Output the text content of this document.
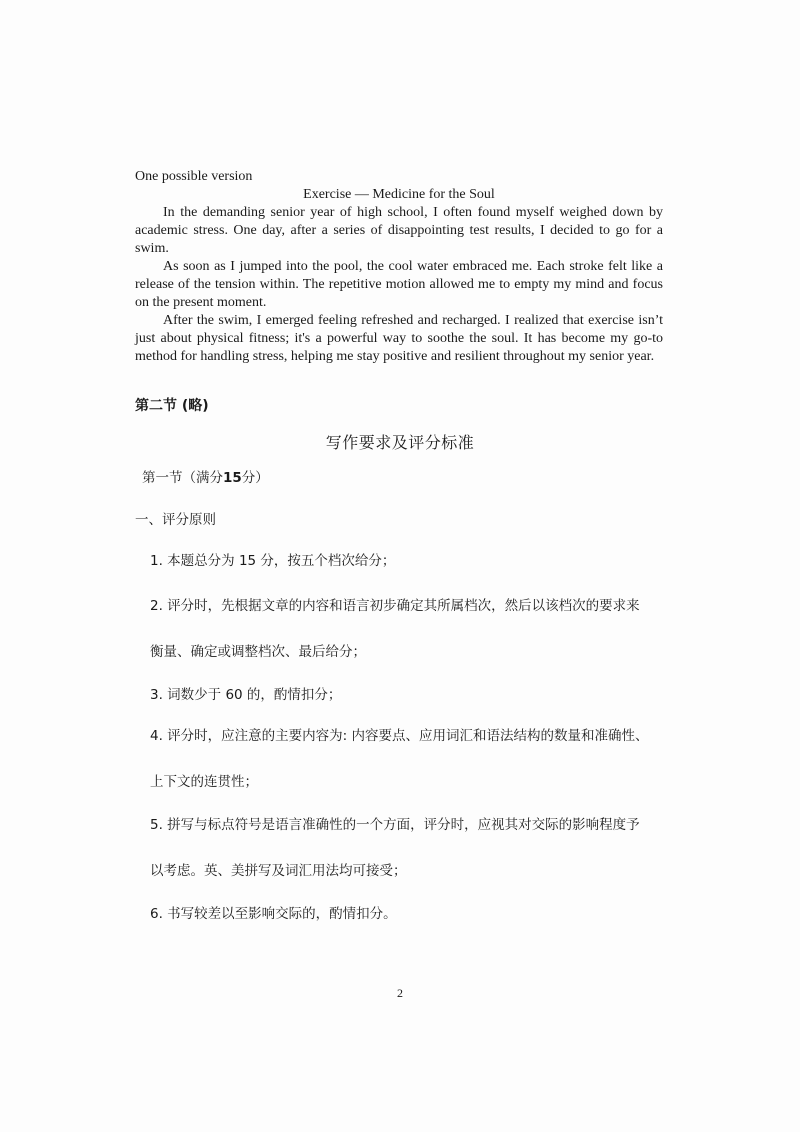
One possible version
Exercise — Medicine for the Soul

In the demanding senior year of high school, I often found myself weighed down by academic stress. One day, after a series of disappointing test results, I decided to go for a swim.

As soon as I jumped into the pool, the cool water embraced me. Each stroke felt like a release of the tension within. The repetitive motion allowed me to empty my mind and focus on the present moment.

After the swim, I emerged feeling refreshed and recharged. I realized that exercise isn’t just about physical fitness; it's a powerful way to soothe the soul. It has become my go-to method for handling stress, helping me stay positive and resilient throughout my senior year.

第二节 (略)
写作要求及评分标准
第一节（满分15分）
一、评分原则
1. 本题总分为 15 分，按五个档次给分；
2. 评分时，先根据文章的内容和语言初步确定其所属档次，然后以该档次的要求来
衡量、确定或调整档次、最后给分；
3. 词数少于 60 的，酌情扣分；
4. 评分时，应注意的主要内容为: 内容要点、应用词汇和语法结构的数量和准确性、
上下文的连贯性；
5. 拼写与标点符号是语言准确性的一个方面，评分时，应视其对交际的影响程度予
以考虑。英、美拼写及词汇用法均可接受；
6. 书写较差以至影响交际的，酌情扣分。
2
